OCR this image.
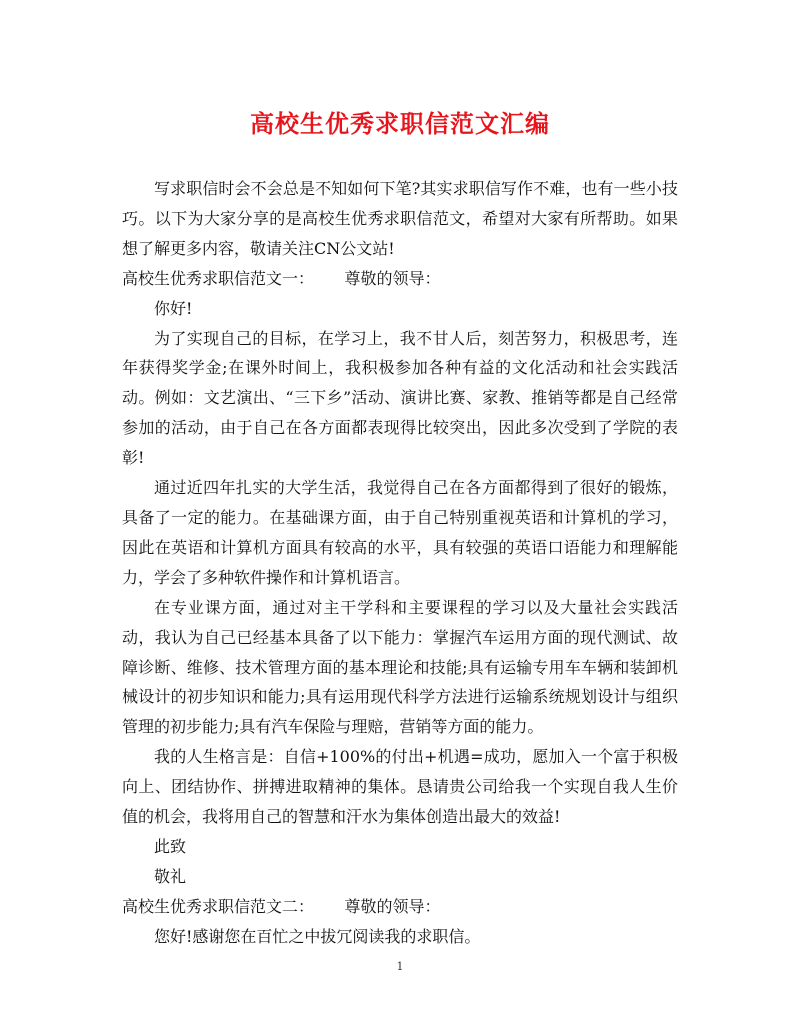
高校生优秀求职信范文汇编

写求职信时会不会总是不知如何下笔?其实求职信写作不难，也有一些小技巧。以下为大家分享的是高校生优秀求职信范文，希望对大家有所帮助。如果想了解更多内容，敬请关注CN公文站!

高校生优秀求职信范文一： 尊敬的领导：

你好!

为了实现自己的目标，在学习上，我不甘人后，刻苦努力，积极思考，连年获得奖学金;在课外时间上，我积极参加各种有益的文化活动和社会实践活动。例如：文艺演出、“三下乡”活动、演讲比赛、家教、推销等都是自己经常参加的活动，由于自己在各方面都表现得比较突出，因此多次受到了学院的表彰!

通过近四年扎实的大学生活，我觉得自己在各方面都得到了很好的锻炼，具备了一定的能力。在基础课方面，由于自己特别重视英语和计算机的学习，因此在英语和计算机方面具有较高的水平，具有较强的英语口语能力和理解能力，学会了多种软件操作和计算机语言。

在专业课方面，通过对主干学科和主要课程的学习以及大量社会实践活动，我认为自己已经基本具备了以下能力：掌握汽车运用方面的现代测试、故障诊断、维修、技术管理方面的基本理论和技能;具有运输专用车车辆和装卸机械设计的初步知识和能力;具有运用现代科学方法进行运输系统规划设计与组织管理的初步能力;具有汽车保险与理赔，营销等方面的能力。

我的人生格言是：自信+100%的付出+机遇=成功，愿加入一个富于积极向上、团结协作、拼搏进取精神的集体。恳请贵公司给我一个实现自我人生价值的机会，我将用自己的智慧和汗水为集体创造出最大的效益!

此致

敬礼

高校生优秀求职信范文二： 尊敬的领导：

您好!感谢您在百忙之中拔冗阅读我的求职信。

1
